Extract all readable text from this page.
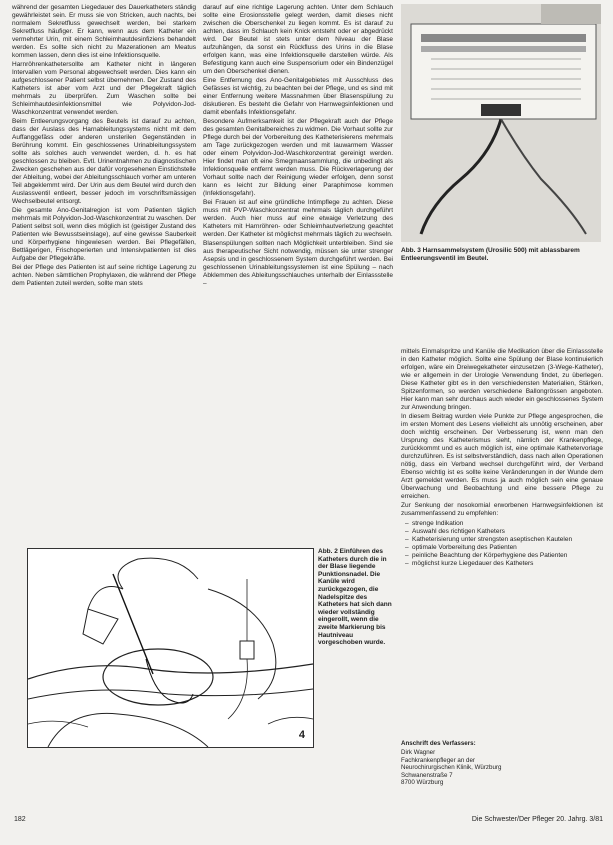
während der gesamten Liegedauer des Dauerkatheters ständig gewährleistet sein. Er muss sie von Stricken, auch nachts, bei normalem Sekretfluss gewechselt werden, bei starkem Sekretfluss häufiger. Er kann, wenn aus dem Katheter ein vermehrter Urin, mit einem Schleimhautdesinfiziens behandelt werden. Es sollte sich nicht zu Mazerationen am Meatus kommen lassen, denn dies ist eine Infektionsquelle.

Harnröhrenkathetersollte am Katheter nicht in längeren Intervallen vom Personal abgewechselt werden. Dies kann ein aufgeschlossener Patient selbst übernehmen. Der Zustand des Katheters ist aber vom Arzt und der Pflegekraft täglich mehrmals zu überprüfen. Zum Waschen sollte bei Schleimhautdesinfektionsmittel wie Polyvidon-Jod-Waschkonzentrat verwendet werden.

Beim Entleerungsvorgang des Beutels ist darauf zu achten, dass der Auslass des Harnableitungssystems nicht mit dem Auffanggefäss oder anderen unsterilen Gegenständen in Berührung kommt. Ein geschlossenes Urinableitungssystem sollte als solches auch verwendet werden, d. h. es hat geschlossen zu bleiben. Evtl. Urinentnahmen zu diagnostischen Zwecken geschehen aus der dafür vorgesehenen Einstichstelle der Ableitung, wobei der Ableitungsschlauch vorher am unteren Teil abgeklemmt wird. Der Urin aus dem Beutel wird durch den Auslassventil entleert, besser jedoch im vorschriftsmässigen Wechselbeutel entsorgt.

Die gesamte Ano-Genitalregion ist vom Patienten täglich mehrmals mit Polyvidon-Jod-Waschkonzentrat zu waschen. Der Patient selbst soll, wenn dies möglich ist (geistiger Zustand des Patienten wie Bewusstseinslage), auf eine gewisse Sauberkeit und Körperhygiene hingewiesen werden. Bei Pflegefällen, Bettlägerigen, Frischoperierten und Intensivpatienten ist dies Aufgabe der Pflegekräfte.

Bei der Pflege des Patienten ist auf seine richtige Lagerung zu achten. Neben sämtlichen Prophylaxen, die während der Pflege dem Patienten zuteil werden, sollte man stets

darauf auf eine richtige Lagerung achten. Unter dem Schlauch sollte eine Erosionsstelle gelegt werden, damit dieses nicht zwischen die Oberschenkel zu liegen kommt. Es ist darauf zu achten, dass im Schlauch kein Knick entsteht oder er abgedrückt wird. Der Beutel ist stets unter dem Niveau der Blase aufzuhängen, da sonst ein Rückfluss des Urins in die Blase erfolgen kann, was eine Infektionsquelle darstellen würde. Als Befestigung kann auch eine Suspensorium oder ein Bindenzügel um den Oberschenkel dienen.

Eine Entfernung des Ano-Genitalgebietes mit Ausschluss des Gefässes ist wichtig, zu beachten bei der Pflege, und es sind mit einer Entfernung weitere Massnahmen über Blasenspülung zu diskutieren. Es besteht die Gefahr von Harnwegsinfektionen und damit ebenfalls Infektionsgefahr.

Besondere Aufmerksamkeit ist der Pflegekraft auch der Pflege des gesamten Genitalbereiches zu widmen. Die Vorhaut sollte zur Pflege durch bei der Vorbereitung des Katheterisierens mehrmals am Tage zurückgezogen werden und mit lauwarmem Wasser oder einem Polyvidon-Jod-Waschkonzentrat gereinigt werden. Hier findet man oft eine Smegmaansammlung, die unbedingt als Infektionsquelle entfernt werden muss. Die Rückverlagerung der Vorhaut sollte nach der Reinigung wieder erfolgen, denn sonst kann es leicht zur Bildung einer Paraphimose kommen (Infektionsgefahr).

Bei Frauen ist auf eine gründliche Intimpflege zu achten. Diese muss mit PVP-Waschkonzentrat mehrmals täglich durchgeführt werden. Auch hier muss auf eine etwaige Verletzung des Katheters mit Harnröhren- oder Schleimhautverletzung geachtet werden. Der Katheter ist möglichst mehrmals täglich zu wechseln.

Blasenspülungen sollten nach Möglichkeit unterbleiben. Sind sie aus therapeutischer Sicht notwendig, müssen sie unter strenger Asepsis und in geschlossenem System durchgeführt werden. Bei geschlossenen Urinableitungssystemen ist eine Spülung – nach Abklemmen des Ableitungsschlauches unterhalb der Einlassstelle –

Abb. 3 Harnsammelsystem (Urosilic 500) mit ablassbarem Entleerungsventil im Beutel.

mittels Einmalspritze und Kanüle die Medikation über die Einlassstelle in den Katheter möglich. Sollte eine Spülung der Blase kontinuierlich erfolgen, wäre ein Dreiwegekatheter einzusetzen (3-Wege-Katheter), wie er allgemein in der Urologie Verwendung findet, zu überlegen. Diese Katheter gibt es in den verschiedensten Materialien, Stärken, Spitzenformen, so werden verschiedene Ballongrössen angeboten. Hier kann man sehr durchaus auch wieder ein geschlossenes System zur Anwendung bringen.

In diesem Beitrag wurden viele Punkte zur Pflege angesprochen, die im ersten Moment des Lesens vielleicht als unnötig erscheinen, aber doch wichtig erscheinen. Der Verbesserung ist, wenn man den Ursprung des Katheterismus sieht, nämlich der Krankenpflege, zurückkommt und es auch möglich ist, eine optimale Kathetervorlage durchzuführen. Es ist selbstverständlich, dass nach allen Operationen nötig, dass ein Verband wechsel durchgeführt wird, der Verband Ebenso wichtig ist es sollte keine Veränderungen in der Wunde dem Arzt gemeldet werden. Es muss ja auch möglich sein eine genaue Überwachung und Beobachtung und eine bessere Pflege zu erreichen.

Zur Senkung der nosokomial erworbenen Harnwegsinfektionen ist zusammenfassend zu empfehlen:

– strenge Indikation
– Auswahl des richtigen Katheters
– Katheterisierung unter strengsten aseptischen Kautelen
– optimale Vorbereitung des Patienten
– peinliche Beachtung der Körperhygiene des Patienten
– möglichst kurze Liegedauer des Katheters
4
Abb. 2 Einführen des Katheters durch die in der Blase liegende Punktionsnadel. Die Kanüle wird zurückgezogen, die Nadelspitze des Katheters hat sich dann wieder vollständig eingerollt, wenn die zweite Markierung bis Hautniveau vorgeschoben wurde.
Anschrift des Verfassers:
Dirk Wagner
Fachkrankenpfleger an der
Neurochirurgischen Klinik, Würzburg
Schwanenstraße 7
8700 Würzburg
182	Die Schwester/Der Pfleger 20. Jahrg. 3/81
